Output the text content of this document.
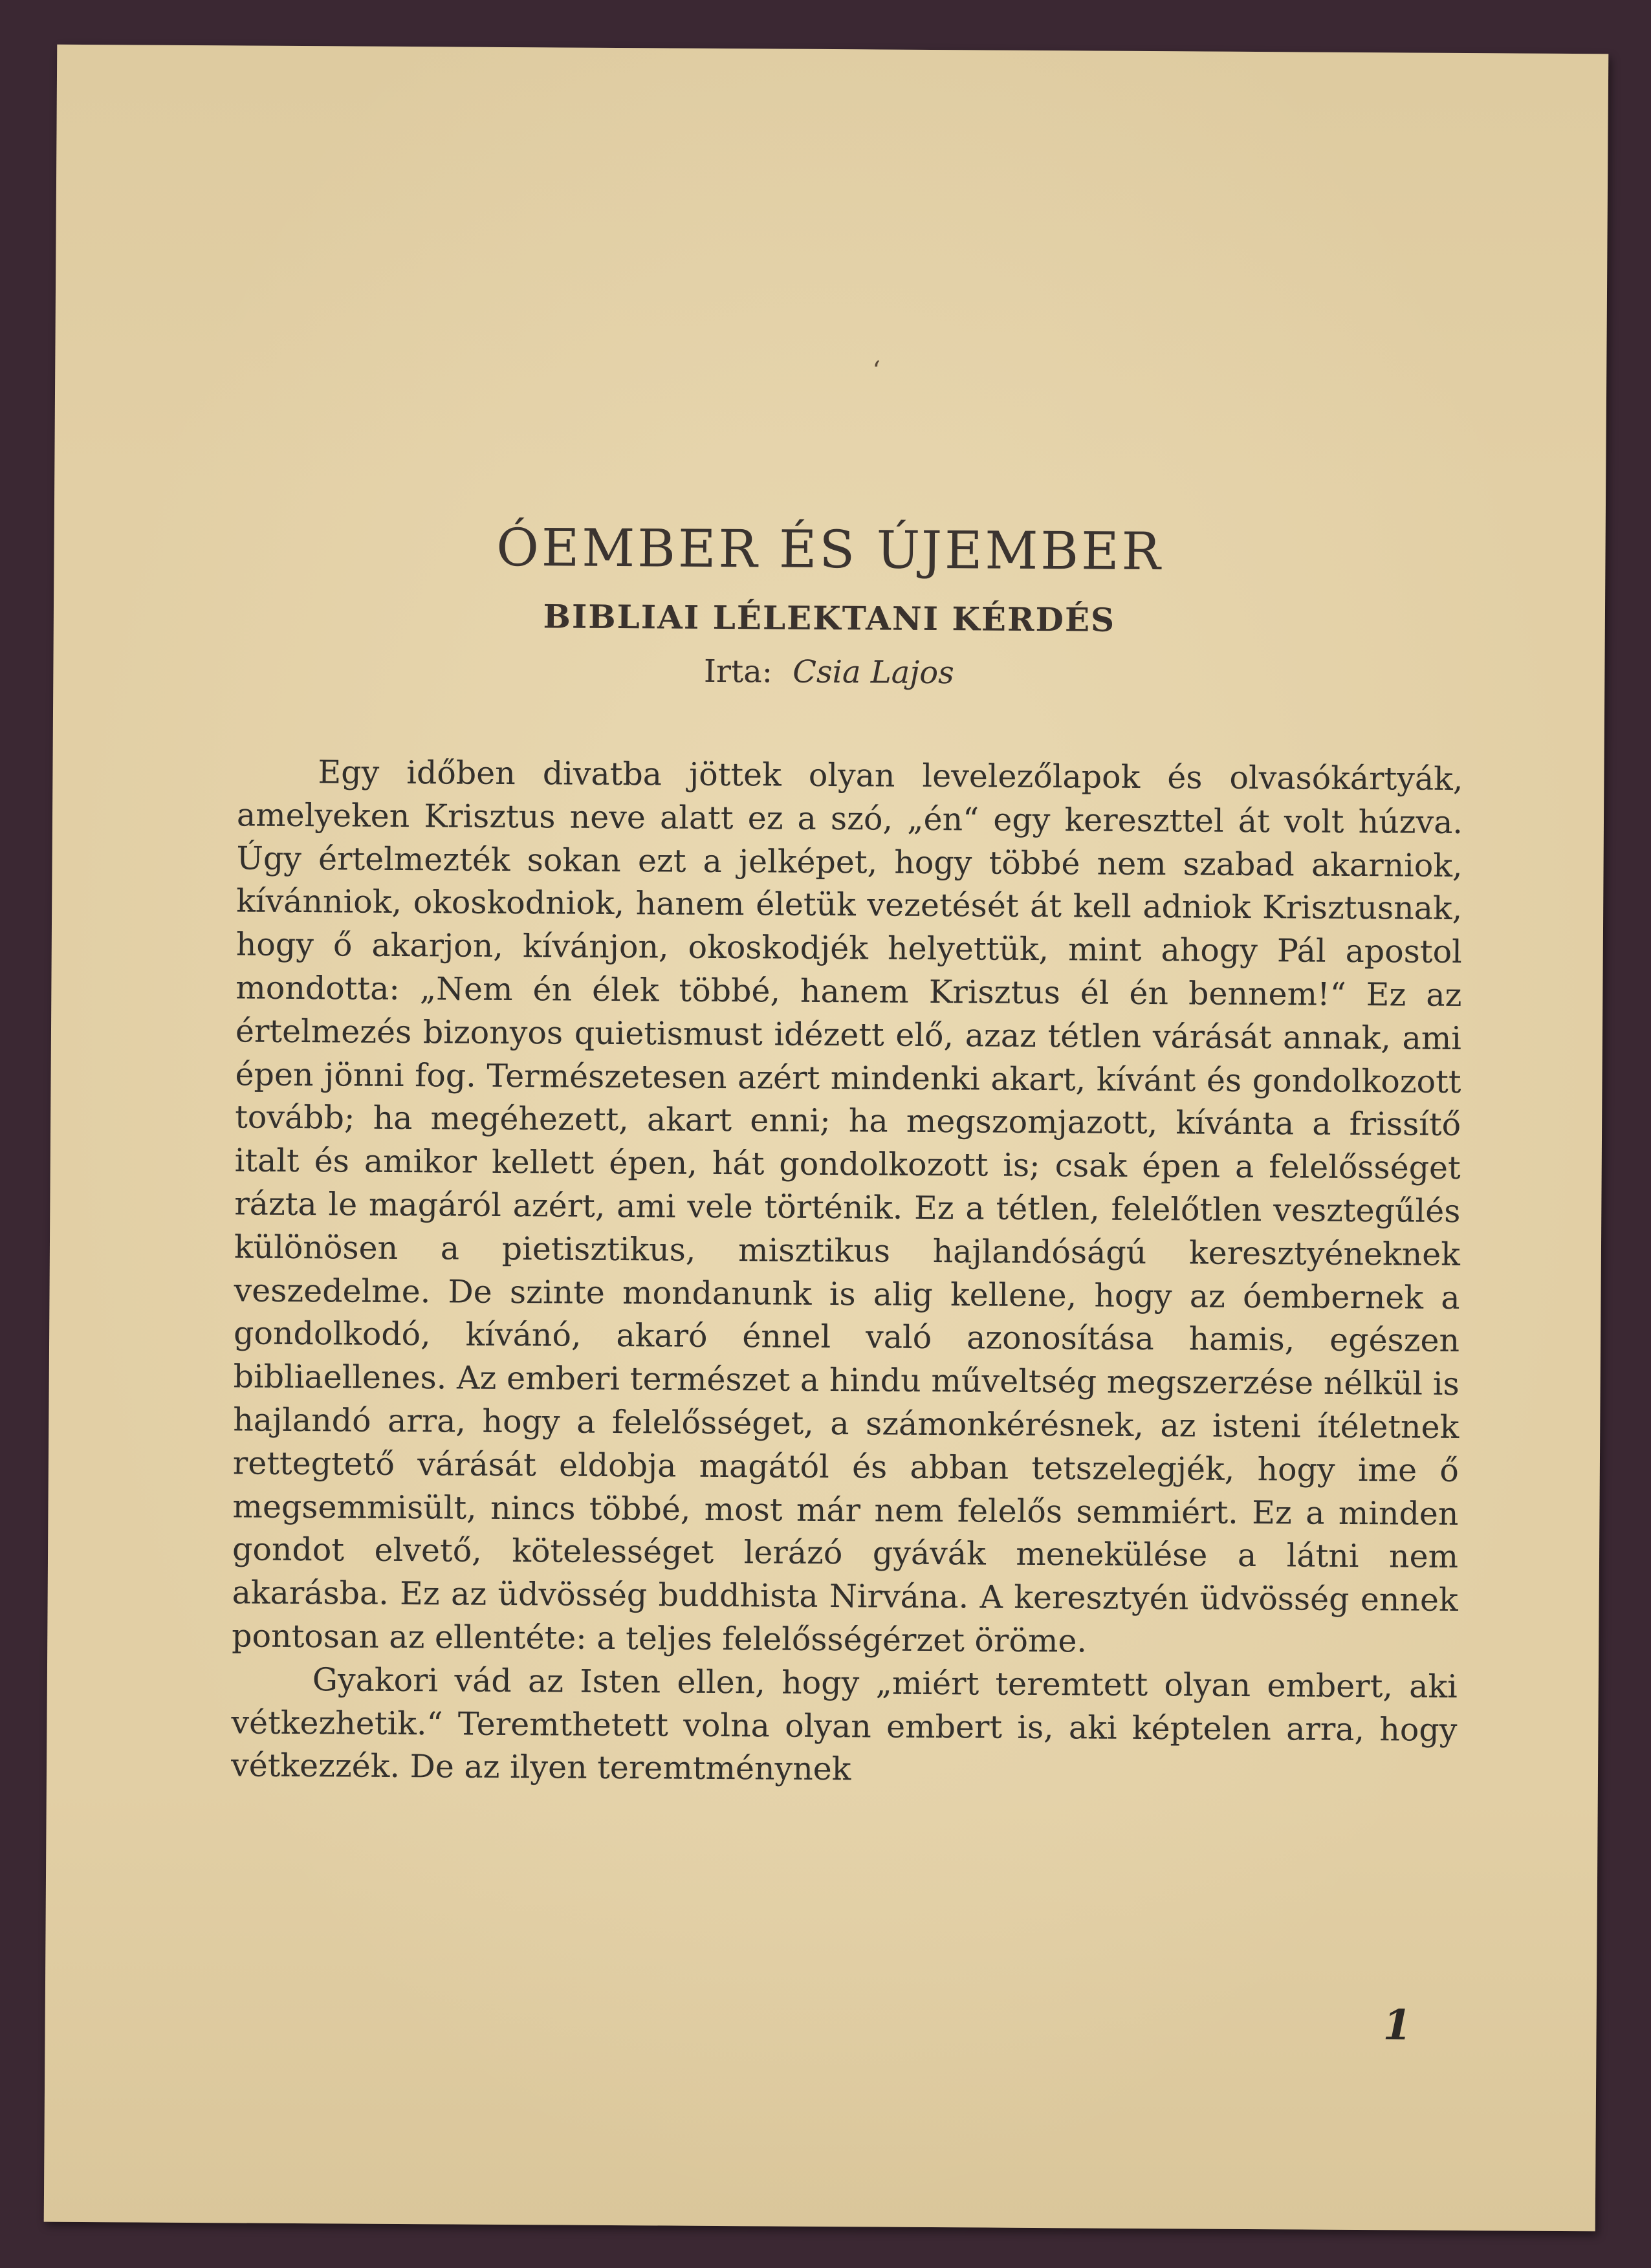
ʻ
ÓEMBER ÉS ÚJEMBER
BIBLIAI LÉLEKTANI KÉRDÉS
Irta: Csia Lajos

Egy időben divatba jöttek olyan levelezőlapok és olvasókártyák, amelyeken Krisztus neve alatt ez a szó, „én“ egy kereszttel át volt húzva. Úgy értelmezték sokan ezt a jelképet, hogy többé nem szabad akarniok, kívánniok, okoskodniok, hanem életük vezetését át kell adniok Krisztusnak, hogy ő akarjon, kívánjon, okoskodjék helyettük, mint ahogy Pál apostol mondotta: „Nem én élek többé, hanem Krisztus él én bennem!“ Ez az értelmezés bizonyos quietismust idézett elő, azaz tétlen várását annak, ami épen jönni fog. Természetesen azért mindenki akart, kívánt és gondolkozott tovább; ha megéhezett, akart enni; ha megszomjazott, kívánta a frissítő italt és amikor kellett épen, hát gondolkozott is; csak épen a felelősséget rázta le magáról azért, ami vele történik. Ez a tétlen, felelőtlen vesztegűlés különösen a pietisztikus, misztikus hajlandóságú keresztyéneknek veszedelme. De szinte mondanunk is alig kellene, hogy az óembernek a gondolkodó, kívánó, akaró énnel való azonosítása hamis, egészen bibliaellenes. Az emberi természet a hindu műveltség megszerzése nélkül is hajlandó arra, hogy a felelősséget, a számonkérésnek, az isteni ítéletnek rettegtető várását eldobja magától és abban tetszelegjék, hogy ime ő megsemmisült, nincs többé, most már nem felelős semmiért. Ez a minden gondot elvető, kötelességet lerázó gyávák menekülése a látni nem akarásba. Ez az üdvösség buddhista Nirvána. A keresztyén üdvösség ennek pontosan az ellentéte: a teljes felelősségérzet öröme.

Gyakori vád az Isten ellen, hogy „miért teremtett olyan embert, aki vétkezhetik.“ Teremthetett volna olyan embert is, aki képtelen arra, hogy vétkezzék. De az ilyen teremtménynek

1
